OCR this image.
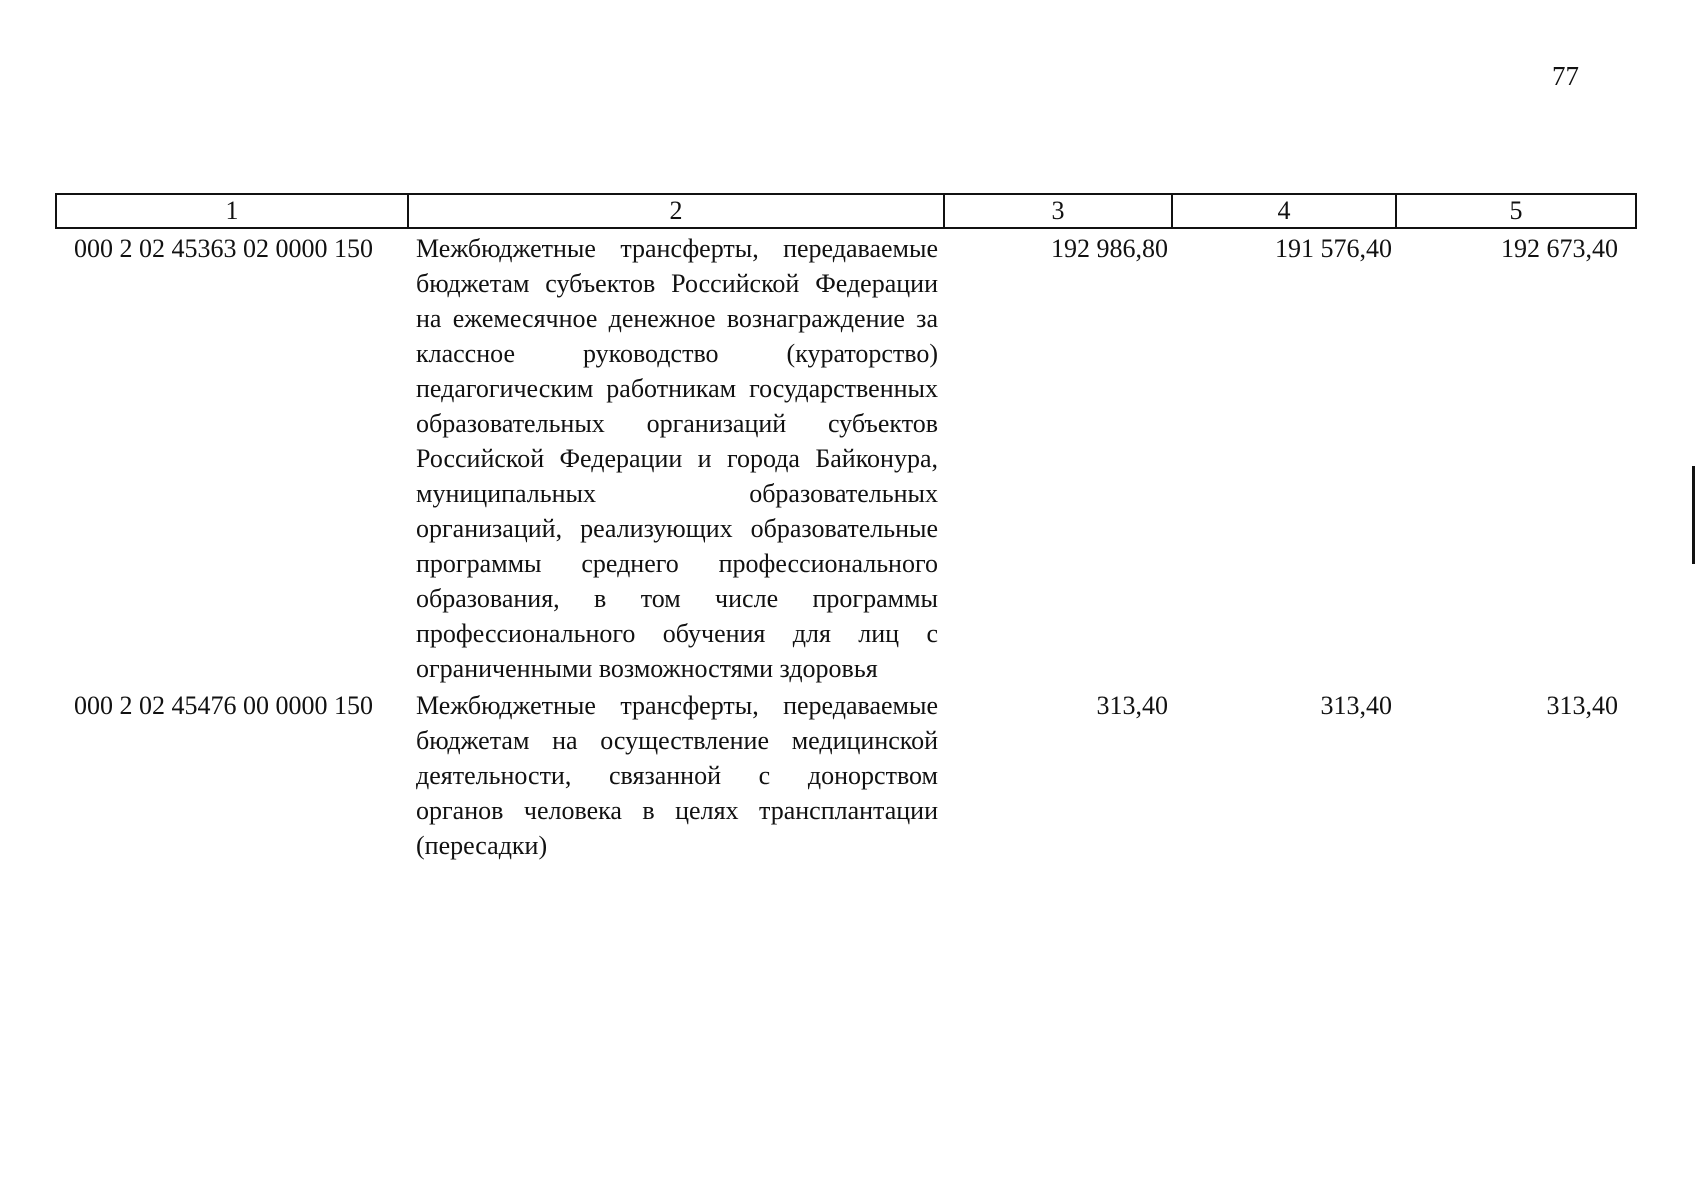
77
1	2	3	4	5
000 2 02 45363 02 0000 150	Межбюджетные трансферты, передаваемые бюджетам субъектов Российской Федерации на ежемесячное денежное вознаграждение за классное руководство (кураторство) педагогическим работникам государственных образовательных организаций субъектов Российской Федерации и города Байконура, муниципальных образовательных организаций, реализующих образовательные программы среднего профессионального образования, в том числе программы профессионального обучения для лиц с ограниченными возможностями здоровья	192 986,80	191 576,40	192 673,40
000 2 02 45476 00 0000 150	Межбюджетные трансферты, передаваемые бюджетам на осуществление медицинской деятельности, связанной с донорством органов человека в целях трансплантации (пересадки)	313,40	313,40	313,40
